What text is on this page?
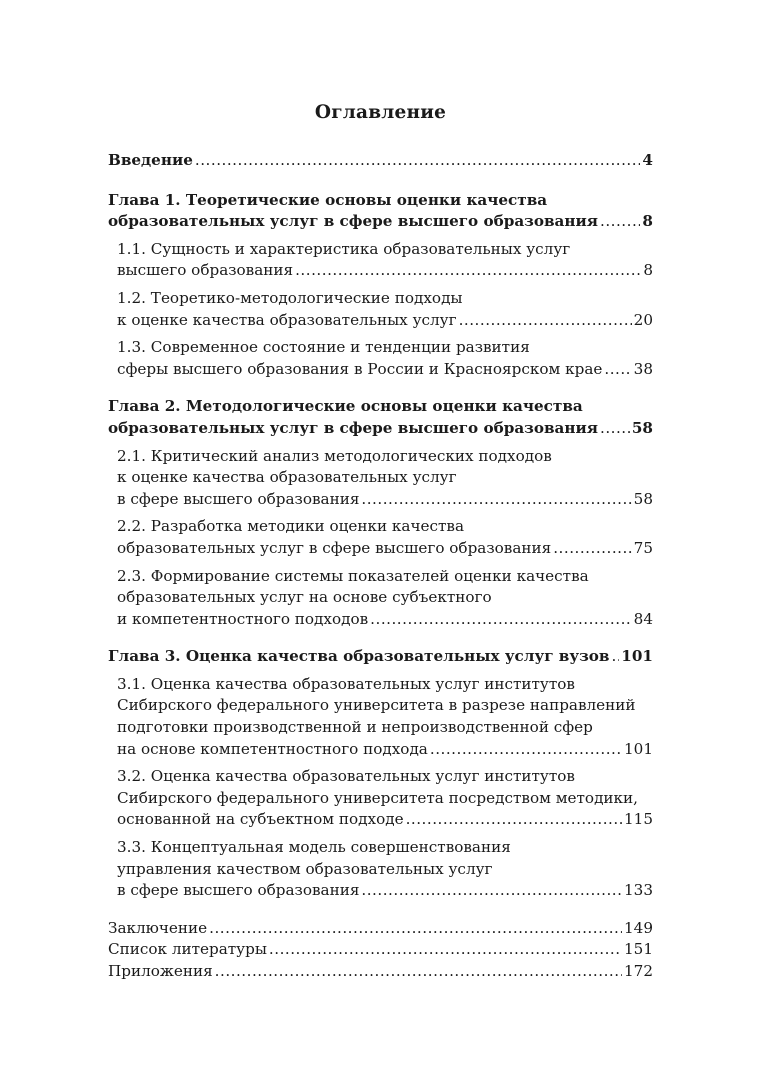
Оглавление
Введение .....	4
Глава 1. Теоретические основы оценки качества
образовательных услуг в сфере высшего образования .....	8
1.1. Сущность и характеристика образовательных услуг
высшего образования .....	8
1.2. Теоретико-методологические подходы
к оценке качества образовательных услуг .....	20
1.3. Современное состояние и тенденции развития
сферы высшего образования в России и Красноярском крае ..... 38
Глава 2. Методологические основы оценки качества
образовательных услуг в сфере высшего образования ..... 58
2.1. Критический анализ методологических подходов
к оценке качества образовательных услуг
в сфере высшего образования .....	58
2.2. Разработка методики оценки качества
образовательных услуг в сфере высшего образования .....	75
2.3. Формирование системы показателей оценки качества
образовательных услуг на основе субъектного
и компетентностного подходов .....	84
Глава 3. Оценка качества образовательных услуг вузов ..... 101
3.1. Оценка качества образовательных услуг институтов
Сибирского федерального университета в разрезе направлений
подготовки производственной и непроизводственной сфер
на основе компетентностного подхода .....	101
3.2. Оценка качества образовательных услуг институтов
Сибирского федерального университета посредством методики,
основанной на субъектном подходе .....	115
3.3. Концептуальная модель совершенствования
управления качеством образовательных услуг
в сфере высшего образования .....	133
Заключение .....	149
Список литературы .....	151
Приложения .....	172
